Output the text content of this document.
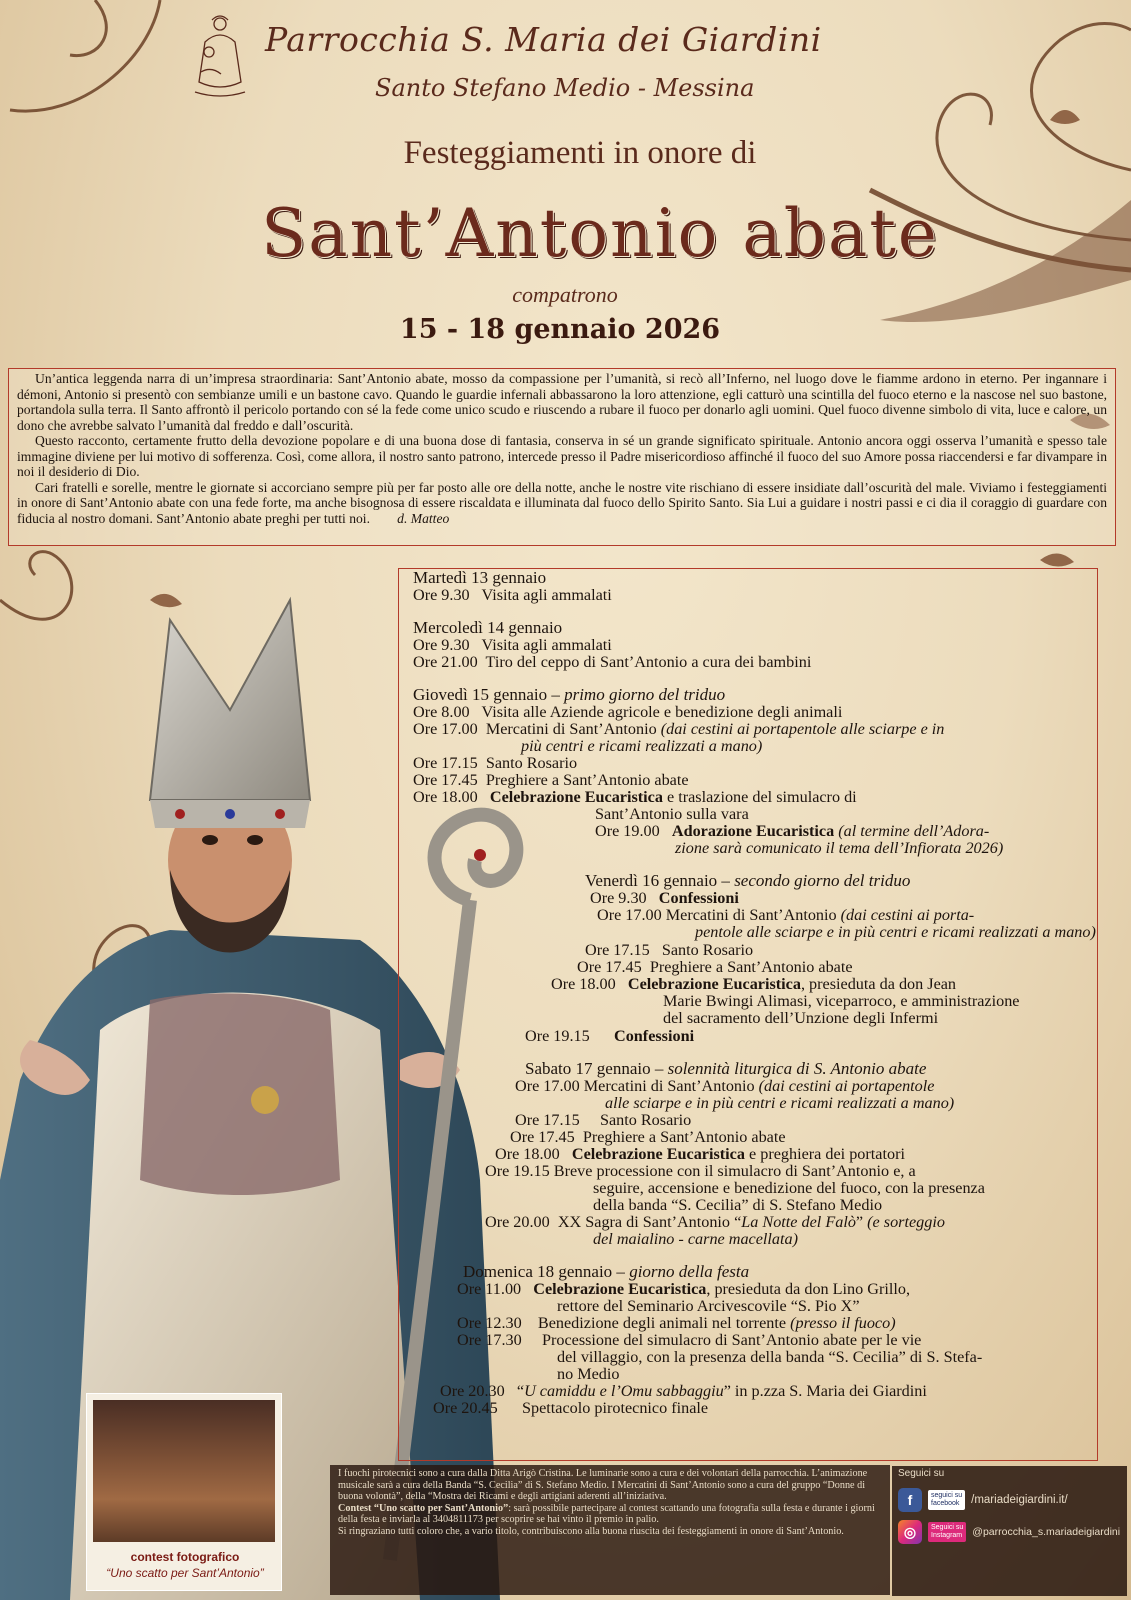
Parrocchia S. Maria dei Giardini
Santo Stefano Medio - Messina
Festeggiamenti in onore di
Sant’Antonio abate
compatrono
15 - 18 gennaio 2026

Un’antica leggenda narra di un’impresa straordinaria: Sant’Antonio abate, mosso da compassione per l’umanità, si recò all’Inferno, nel luogo dove le fiamme ardono in eterno. Per ingannare i démoni, Antonio si presentò con sembianze umili e un bastone cavo. Quando le guardie infernali abbassarono la loro attenzione, egli catturò una scintilla del fuoco eterno e la nascose nel suo bastone, portandola sulla terra. Il Santo affrontò il pericolo portando con sé la fede come unico scudo e riuscendo a rubare il fuoco per donarlo agli uomini. Quel fuoco divenne simbolo di vita, luce e calore, un dono che avrebbe salvato l’umanità dal freddo e dall’oscurità.

Questo racconto, certamente frutto della devozione popolare e di una buona dose di fantasia, conserva in sé un grande significato spirituale. Antonio ancora oggi osserva l’umanità e spesso tale immagine diviene per lui motivo di sofferenza. Così, come allora, il nostro santo patrono, intercede presso il Padre misericordioso affinché il fuoco del suo Amore possa riaccendersi e far divampare in noi il desiderio di Dio.

Cari fratelli e sorelle, mentre le giornate si accorciano sempre più per far posto alle ore della notte, anche le nostre vite rischiano di essere insidiate dall’oscurità del male. Viviamo i festeggiamenti in onore di Sant’Antonio abate con una fede forte, ma anche bisognosa di essere riscaldata e illuminata dal fuoco dello Spirito Santo. Sia Lui a guidare i nostri passi e ci dia il coraggio di guardare con fiducia al nostro domani. Sant’Antonio abate preghi per tutti noi. d. Matteo

Martedì 13 gennaio
Ore 9.30   Visita agli ammalati
Mercoledì 14 gennaio
Ore 9.30   Visita agli ammalati
Ore 21.00  Tiro del ceppo di Sant’Antonio a cura dei bambini
Giovedì 15 gennaio – primo giorno del triduo
Ore 8.00   Visita alle Aziende agricole e benedizione degli animali
Ore 17.00  Mercatini di Sant’Antonio (dai cestini ai portapentole alle sciarpe e in
più centri e ricami realizzati a mano)
Ore 17.15  Santo Rosario
Ore 17.45  Preghiere a Sant’Antonio abate
Ore 18.00   Celebrazione Eucaristica e traslazione del simulacro di
Sant’Antonio sulla vara
Ore 19.00   Adorazione Eucaristica (al termine dell’Adora-
zione sarà comunicato il tema dell’Infiorata 2026)
Venerdì 16 gennaio – secondo giorno del triduo
Ore 9.30   Confessioni
Ore 17.00 Mercatini di Sant’Antonio (dai cestini ai porta-
pentole alle sciarpe e in più centri e ricami realizzati a mano)
Ore 17.15   Santo Rosario
Ore 17.45  Preghiere a Sant’Antonio abate
Ore 18.00   Celebrazione Eucaristica, presieduta da don Jean
Marie Bwingi Alimasi, viceparroco, e amministrazione
del sacramento dell’Unzione degli Infermi
Ore 19.15      Confessioni
Sabato 17 gennaio – solennità liturgica di S. Antonio abate
Ore 17.00 Mercatini di Sant’Antonio (dai cestini ai portapentole
alle sciarpe e in più centri e ricami realizzati a mano)
Ore 17.15     Santo Rosario
Ore 17.45  Preghiere a Sant’Antonio abate
Ore 18.00   Celebrazione Eucaristica e preghiera dei portatori
Ore 19.15 Breve processione con il simulacro di Sant’Antonio e, a
seguire, accensione e benedizione del fuoco, con la presenza
della banda “S. Cecilia” di S. Stefano Medio
Ore 20.00  XX Sagra di Sant’Antonio “La Notte del Falò” (e sorteggio
del maialino - carne macellata)
Domenica 18 gennaio – giorno della festa
Ore 11.00   Celebrazione Eucaristica, presieduta da don Lino Grillo,
rettore del Seminario Arcivescovile “S. Pio X”
Ore 12.30    Benedizione degli animali nel torrente (presso il fuoco)
Ore 17.30     Processione del simulacro di Sant’Antonio abate per le vie
del villaggio, con la presenza della banda “S. Cecilia” di S. Stefa-
no Medio
Ore 20.30   “U camiddu e l’Omu sabbaggiu” in p.zza S. Maria dei Giardini
Ore 20.45      Spettacolo pirotecnico finale
contest fotografico
“Uno scatto per Sant’Antonio”

I fuochi pirotecnici sono a cura dalla Ditta Arigò Cristina. Le luminarie sono a cura e dei volontari della parrocchia. L’animazione musicale sarà a cura della Banda “S. Cecilia” di S. Stefano Medio. I Mercatini di Sant’Antonio sono a cura del gruppo “Donne di buona volontà”, della “Mostra dei Ricami e degli artigiani aderenti all’iniziativa.

Contest “Uno scatto per Sant’Antonio”: sarà possibile partecipare al contest scattando una fotografia sulla festa e durante i giorni della festa e inviarla al 3404811173 per scoprire se hai vinto il premio in palio.

Si ringraziano tutti coloro che, a vario titolo, contribuiscono alla buona riuscita dei festeggiamenti in onore di Sant’Antonio.

Seguici su
f	seguici su
facebook /mariadeigiardini.it/
◎	Seguici su
Instagram @parrocchia_s.mariadeigiardini
